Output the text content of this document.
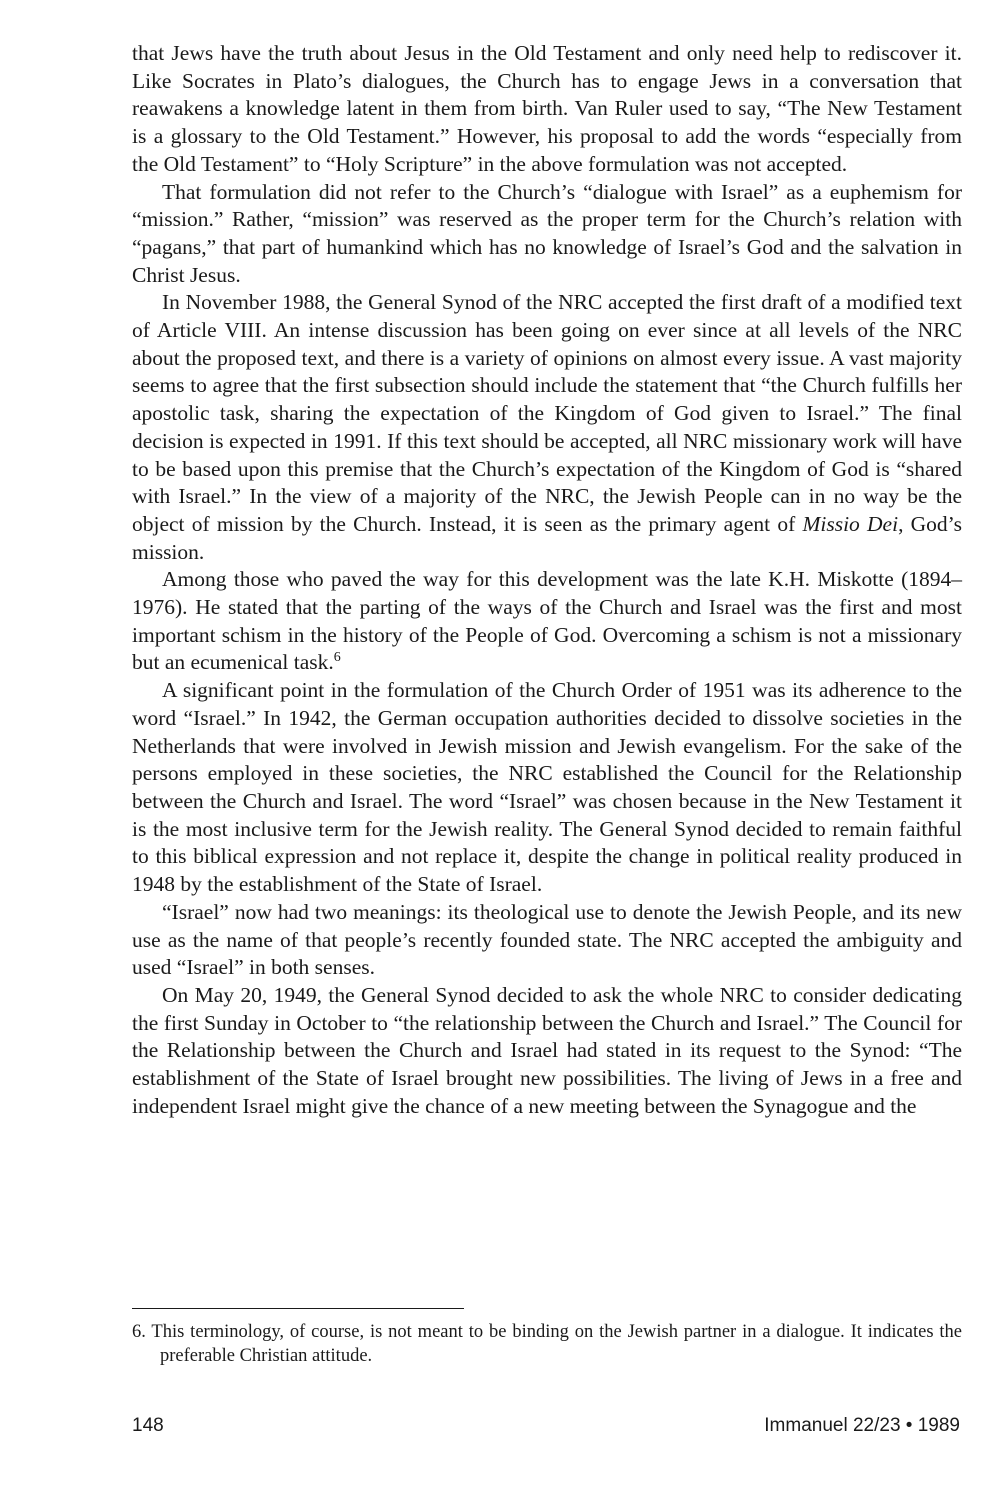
that Jews have the truth about Jesus in the Old Testament and only need help to rediscover it. Like Socrates in Plato’s dialogues, the Church has to engage Jews in a conversation that reawakens a knowledge latent in them from birth. Van Ruler used to say, “The New Testament is a glossary to the Old Testament.” However, his proposal to add the words “especially from the Old Testament” to “Holy Scripture” in the above formulation was not accepted.

That formulation did not refer to the Church’s “dialogue with Israel” as a euphemism for “mission.” Rather, “mission” was reserved as the proper term for the Church’s relation with “pagans,” that part of humankind which has no knowledge of Israel’s God and the salvation in Christ Jesus.

In November 1988, the General Synod of the NRC accepted the first draft of a modified text of Article VIII. An intense discussion has been going on ever since at all levels of the NRC about the proposed text, and there is a variety of opinions on almost every issue. A vast majority seems to agree that the first subsection should include the statement that “the Church fulfills her apostolic task, sharing the expectation of the Kingdom of God given to Israel.” The final decision is expected in 1991. If this text should be accepted, all NRC missionary work will have to be based upon this premise that the Church’s expectation of the Kingdom of God is “shared with Israel.” In the view of a majority of the NRC, the Jewish People can in no way be the object of mission by the Church. Instead, it is seen as the primary agent of Missio Dei, God’s mission.

Among those who paved the way for this development was the late K.H. Miskotte (1894–1976). He stated that the parting of the ways of the Church and Israel was the first and most important schism in the history of the People of God. Overcoming a schism is not a missionary but an ecumenical task.$^6$

A significant point in the formulation of the Church Order of 1951 was its adherence to the word “Israel.” In 1942, the German occupation authorities decided to dissolve societies in the Netherlands that were involved in Jewish mission and Jewish evangelism. For the sake of the persons employed in these societies, the NRC established the Council for the Relationship between the Church and Israel. The word “Israel” was chosen because in the New Testament it is the most inclusive term for the Jewish reality. The General Synod decided to remain faithful to this biblical expression and not replace it, despite the change in political reality produced in 1948 by the establishment of the State of Israel.

“Israel” now had two meanings: its theological use to denote the Jewish People, and its new use as the name of that people’s recently founded state. The NRC accepted the ambiguity and used “Israel” in both senses.

On May 20, 1949, the General Synod decided to ask the whole NRC to consider dedicating the first Sunday in October to “the relationship between the Church and Israel.” The Council for the Relationship between the Church and Israel had stated in its request to the Synod: “The establishment of the State of Israel brought new possibilities. The living of Jews in a free and independent Israel might give the chance of a new meeting between the Synagogue and the

6. This terminology, of course, is not meant to be binding on the Jewish partner in a dialogue. It indicates the preferable Christian attitude.
148	Immanuel 22/23 • 1989
